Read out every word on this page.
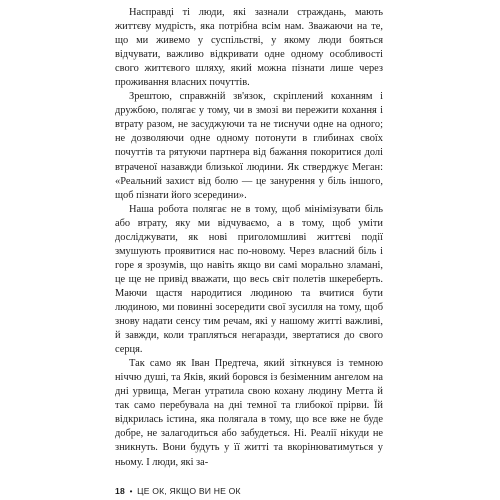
Насправді ті люди, які зазнали страждань, мають життєву мудрість, яка потрібна всім нам. Зважаючи на те, що ми живемо у суспільстві, у якому люди бояться відчувати, важливо відкривати одне одному особливості свого життєвого шляху, який можна пізнати лише через проживання власних почуттів.

Зрештою, справжній зв'язок, скріплений коханням і дружбою, полягає у тому, чи в змозі ви пережити кохання і втрату разом, не засуджуючи та не тиснучи одне на одного; не дозволяючи одне одному потонути в глибинах своїх почуттів та рятуючи партнера від бажання покоритися долі втраченої назавжди близької людини. Як стверджує Меган: «Реальний захист від болю — це занурення у біль іншого, щоб пізнати його зсередини».

Наша робота полягає не в тому, щоб мінімізувати біль або втрату, яку ми відчуваємо, а в тому, щоб уміти досліджувати, як нові приголомшливі життєві події змушують проявитися нас по-новому. Через власний біль і горе я зрозумів, що навіть якщо ви самі морально зламані, це ще не привід вважати, що весь світ полетів шкереберть. Маючи щастя народитися людиною та вчитися бути людиною, ми повинні зосередити свої зусилля на тому, щоб знову надати сенсу тим речам, які у нашому житті важливі, й завжди, коли трапляться негаразди, звертатися до свого серця.

Так само як Іван Предтеча, який зіткнувся із темною ніччю душі, та Яків, який боровся із безіменним ангелом на дні урвища, Меган утратила свою кохану людину Метта й так само перебувала на дні темної та глибокої прірви. Їй відкрилась істина, яка полягала в тому, що все вже не буде добре, не залагодиться або забудеться. Ні. Реалії нікуди не зникнуть. Вони будуть у її житті та вкорінюватимуться у ньому. І люди, які за-

18 • ЦЕ ОК, ЯКЩО ВИ НЕ ОК
